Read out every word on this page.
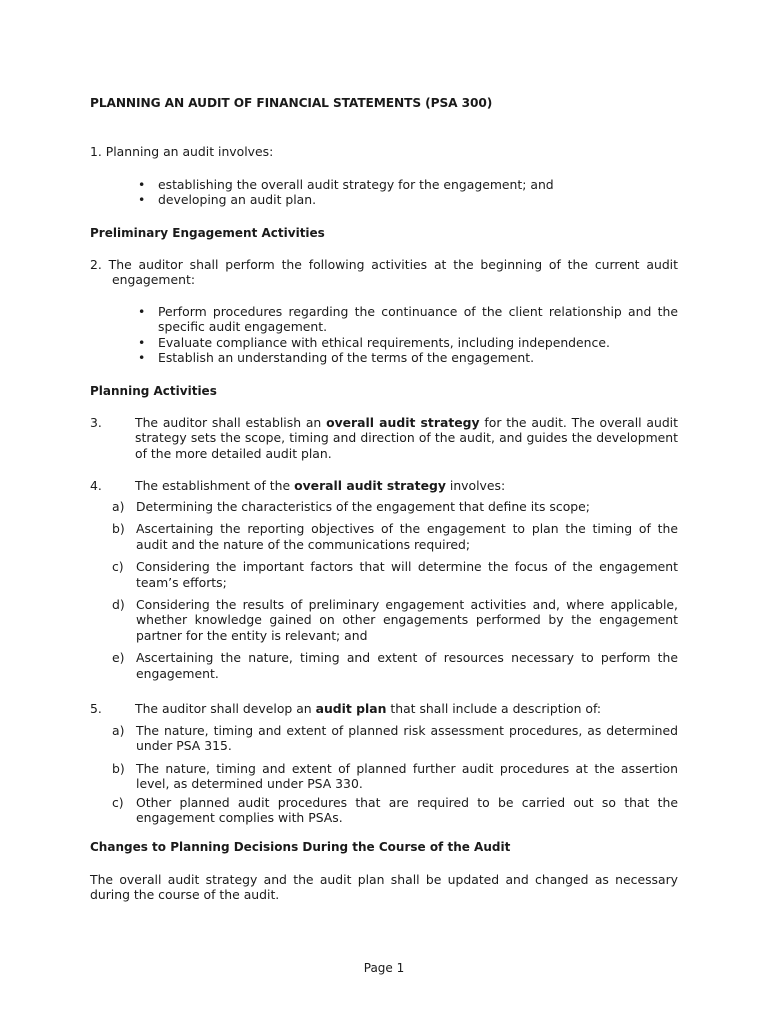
PLANNING AN AUDIT OF FINANCIAL STATEMENTS (PSA 300)
1. Planning an audit involves:
• establishing the overall audit strategy for the engagement; and
• developing an audit plan.
Preliminary Engagement Activities
2. The auditor shall perform the following activities at the beginning of the current audit engagement:
• Perform procedures regarding the continuance of the client relationship and the specific audit engagement.
• Evaluate compliance with ethical requirements, including independence.
• Establish an understanding of the terms of the engagement.
Planning Activities
3.	The auditor shall establish an overall audit strategy for the audit. The overall audit strategy sets the scope, timing and direction of the audit, and guides the development of the more detailed audit plan.
4.	The establishment of the overall audit strategy involves:
a) Determining the characteristics of the engagement that define its scope;
b) Ascertaining the reporting objectives of the engagement to plan the timing of the audit and the nature of the communications required;
c) Considering the important factors that will determine the focus of the engagement team’s efforts;
d) Considering the results of preliminary engagement activities and, where applicable, whether knowledge gained on other engagements performed by the engagement partner for the entity is relevant; and
e) Ascertaining the nature, timing and extent of resources necessary to perform the engagement.
5.	The auditor shall develop an audit plan that shall include a description of:
a) The nature, timing and extent of planned risk assessment procedures, as determined under PSA 315.
b) The nature, timing and extent of planned further audit procedures at the assertion level, as determined under PSA 330.
c) Other planned audit procedures that are required to be carried out so that the engagement complies with PSAs.
Changes to Planning Decisions During the Course of the Audit
The overall audit strategy and the audit plan shall be updated and changed as necessary during the course of the audit.
Page 1
